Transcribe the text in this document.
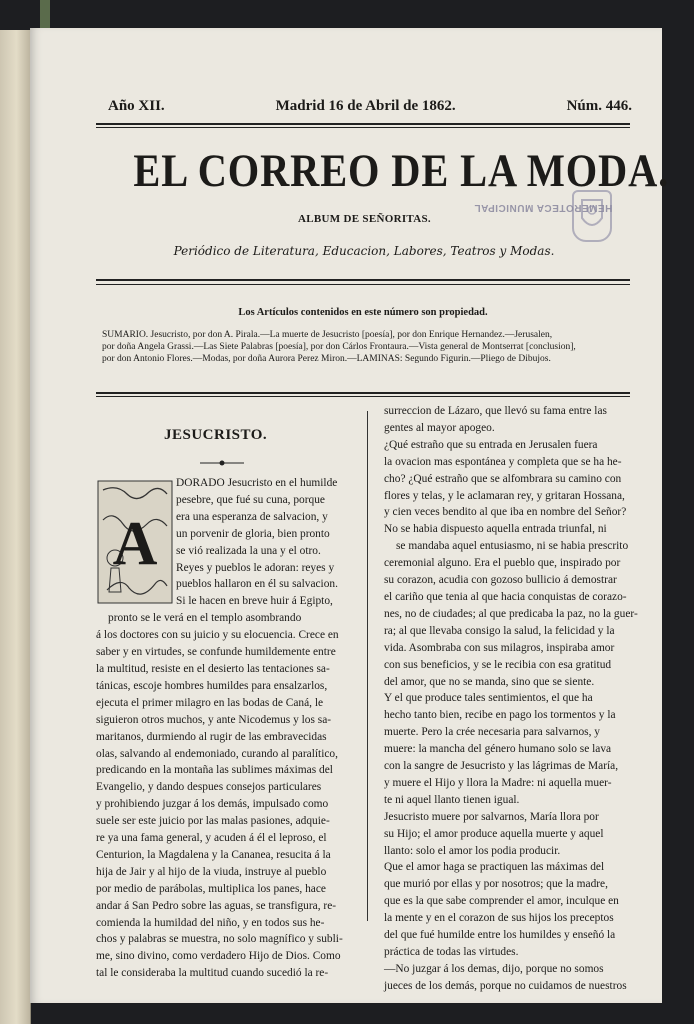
Año XII.	Madrid 16 de Abril de 1862.	Núm. 446.
EL CORREO DE LA MODA.
ALBUM DE SEÑORITAS.
HEMEROTECA MUNICIPAL
Periódico de Literatura, Educacion, Labores, Teatros y Modas.
Los Artículos contenidos en este número son propiedad.
SUMARIO. Jesucristo, por don A. Pirala.—La muerte de Jesucristo [poesía], por don Enrique Hernandez.—Jerusalen,
por doña Angela Grassi.—Las Siete Palabras [poesía], por don Cárlos Frontaura.—Vista general de Montserrat [conclusion],
por don Antonio Flores.—Modas, por doña Aurora Perez Miron.—LAMINAS: Segundo Figurin.—Pliego de Dibujos.
JESUCRISTO.
A

DORADO Jesucristo en el humilde

pesebre, que fué su cuna, porque

era una esperanza de salvacion, y

un porvenir de gloria, bien pronto

se vió realizada la una y el otro.

Reyes y pueblos le adoran: reyes y

pueblos hallaron en él su salvacion.

Si le hacen en breve huir á Egipto,

pronto se le verá en el templo asombrando

á los doctores con su juicio y su elocuencia. Crece en

saber y en virtudes, se confunde humildemente entre

la multitud, resiste en el desierto las tentaciones sa-

tánicas, escoje hombres humildes para ensalzarlos,

ejecuta el primer milagro en las bodas de Caná, le

siguieron otros muchos, y ante Nicodemus y los sa-

maritanos, durmiendo al rugir de las embravecidas

olas, salvando al endemoniado, curando al paralítico,

predicando en la montaña las sublimes máximas del

Evangelio, y dando despues consejos particulares

y prohibiendo juzgar á los demás, impulsado como

suele ser este juicio por las malas pasiones, adquie-

re ya una fama general, y acuden á él el leproso, el

Centurion, la Magdalena y la Cananea, resucita á la

hija de Jair y al hijo de la viuda, instruye al pueblo

por medio de parábolas, multiplica los panes, hace

andar á San Pedro sobre las aguas, se transfigura, re-

comienda la humildad del niño, y en todos sus he-

chos y palabras se muestra, no solo magnífico y subli-

me, sino divino, como verdadero Hijo de Dios. Como

tal le consideraba la multitud cuando sucedió la re-

surreccion de Lázaro, que llevó su fama entre las

gentes al mayor apogeo.

¿Qué estraño que su entrada en Jerusalen fuera

la ovacion mas espontánea y completa que se ha he-

cho? ¿Qué estraño que se alfombrara su camino con

flores y telas, y le aclamaran rey, y gritaran Hossana,

y cien veces bendito al que iba en nombre del Señor?

No se habia dispuesto aquella entrada triunfal, ni

se mandaba aquel entusiasmo, ni se habia prescrito

ceremonial alguno. Era el pueblo que, inspirado por

su corazon, acudia con gozoso bullicio á demostrar

el cariño que tenia al que hacia conquistas de corazo-

nes, no de ciudades; al que predicaba la paz, no la guer-

ra; al que llevaba consigo la salud, la felicidad y la

vida. Asombraba con sus milagros, inspiraba amor

con sus beneficios, y se le recibia con esa gratitud

del amor, que no se manda, sino que se siente.

Y el que produce tales sentimientos, el que ha

hecho tanto bien, recibe en pago los tormentos y la

muerte. Pero la crée necesaria para salvarnos, y

muere: la mancha del género humano solo se lava

con la sangre de Jesucristo y las lágrimas de María,

y muere el Hijo y llora la Madre: ni aquella muer-

te ni aquel llanto tienen igual.

Jesucristo muere por salvarnos, María llora por

su Hijo; el amor produce aquella muerte y aquel

llanto: solo el amor los podia producir.

Que el amor haga se practiquen las máximas del

que murió por ellas y por nosotros; que la madre,

que es la que sabe comprender el amor, inculque en

la mente y en el corazon de sus hijos los preceptos

del que fué humilde entre los humildes y enseñó la

práctica de todas las virtudes.

—No juzgar á los demas, dijo, porque no somos

jueces de los demás, porque no cuidamos de nuestros
